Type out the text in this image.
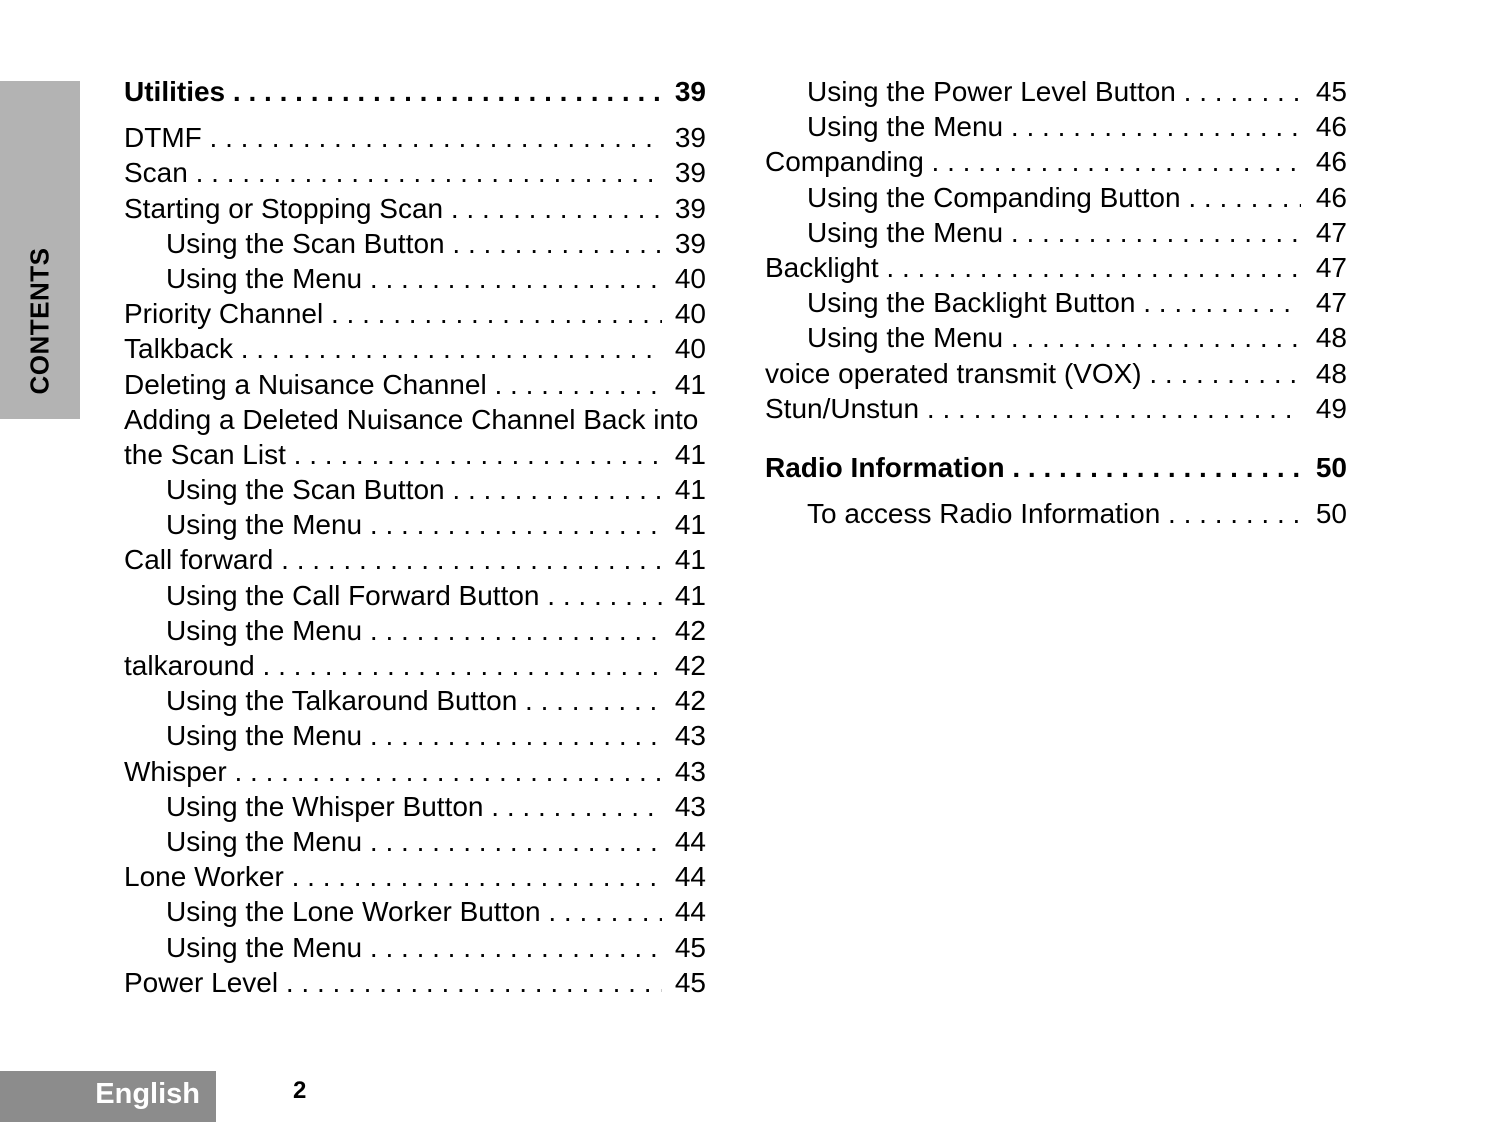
CONTENTS
Utilities . . .	39
DTMF . . .	39
Scan . . .	39
Starting or Stopping Scan . . .	39
Using the Scan Button . . .	39
Using the Menu . . .	40
Priority Channel . . .	40
Talkback . . .	40
Deleting a Nuisance Channel . . .	41
Adding a Deleted Nuisance Channel Back into
the Scan List . . .	41
Using the Scan Button . . .	41
Using the Menu . . .	41
Call forward . . .	41
Using the Call Forward Button . . .	41
Using the Menu . . .	42
talkaround . . .	42
Using the Talkaround Button . . .	42
Using the Menu . . .	43
Whisper . . .	43
Using the Whisper Button . . .	43
Using the Menu . . .	44
Lone Worker . . .	44
Using the Lone Worker Button . . .	44
Using the Menu . . .	45
Power Level . . .	45
Using the Power Level Button . . .	45
Using the Menu . . .	46
Companding . . .	46
Using the Companding Button . . .	46
Using the Menu . . .	47
Backlight . . .	47
Using the Backlight Button . . .	47
Using the Menu . . .	48
voice operated transmit (VOX) . . .	48
Stun/Unstun . . .	49
Radio Information . . .	50
To access Radio Information . . .	50
English	2
